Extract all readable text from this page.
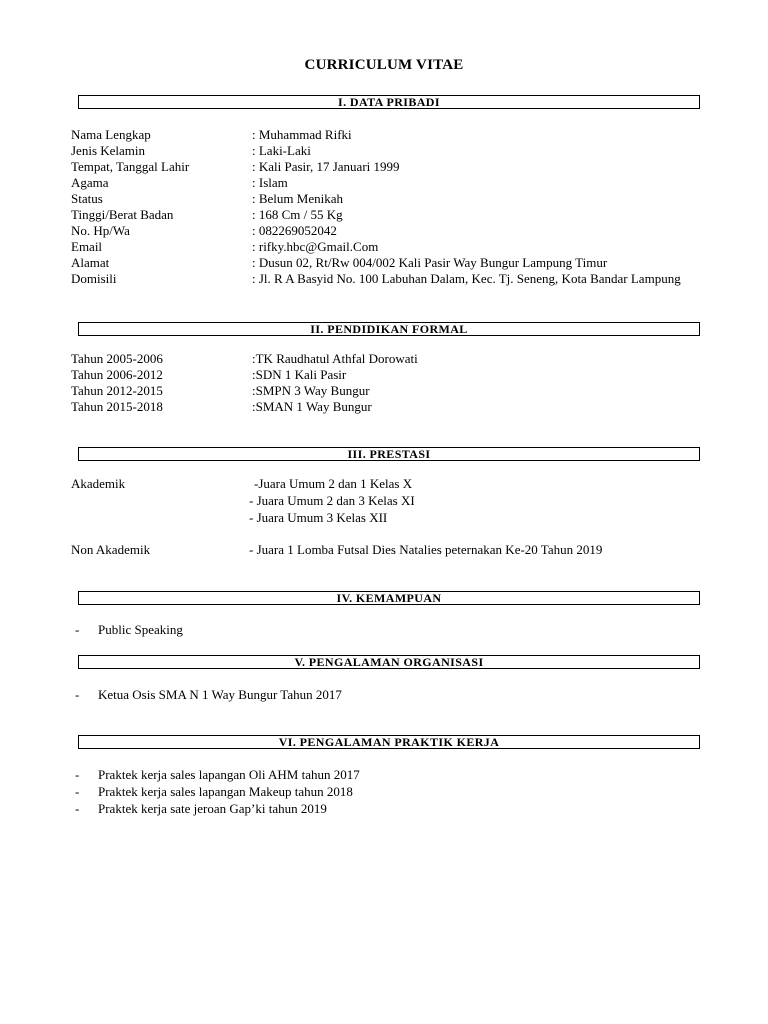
CURRICULUM VITAE
I. DATA PRIBADI
Nama Lengkap	: Muhammad Rifki
Jenis Kelamin	: Laki-Laki
Tempat, Tanggal Lahir	: Kali Pasir, 17 Januari 1999
Agama	: Islam
Status	: Belum Menikah
Tinggi/Berat Badan	: 168 Cm / 55 Kg
No. Hp/Wa	: 082269052042
Email	: rifky.hbc@Gmail.Com
Alamat	: Dusun 02, Rt/Rw 004/002 Kali Pasir Way Bungur Lampung Timur
Domisili	: Jl. R A Basyid No. 100 Labuhan Dalam, Kec. Tj. Seneng, Kota Bandar Lampung
II. PENDIDIKAN FORMAL
Tahun 2005-2006	:TK Raudhatul Athfal Dorowati
Tahun 2006-2012	:SDN 1 Kali Pasir
Tahun 2012-2015	:SMPN 3 Way Bungur
Tahun 2015-2018	:SMAN 1 Way Bungur
III. PRESTASI
Akademik	-Juara Umum 2 dan 1 Kelas X
- Juara Umum 2 dan 3 Kelas XI
- Juara Umum 3 Kelas XII
Non Akademik	- Juara 1 Lomba Futsal Dies Natalies peternakan Ke-20 Tahun 2019
IV. KEMAMPUAN
- Public Speaking
V. PENGALAMAN ORGANISASI
- Ketua Osis SMA N 1 Way Bungur Tahun 2017
VI. PENGALAMAN PRAKTIK KERJA
- Praktek kerja sales lapangan Oli AHM tahun 2017
- Praktek kerja sales lapangan Makeup tahun 2018
- Praktek kerja sate jeroan Gap’ki tahun 2019
